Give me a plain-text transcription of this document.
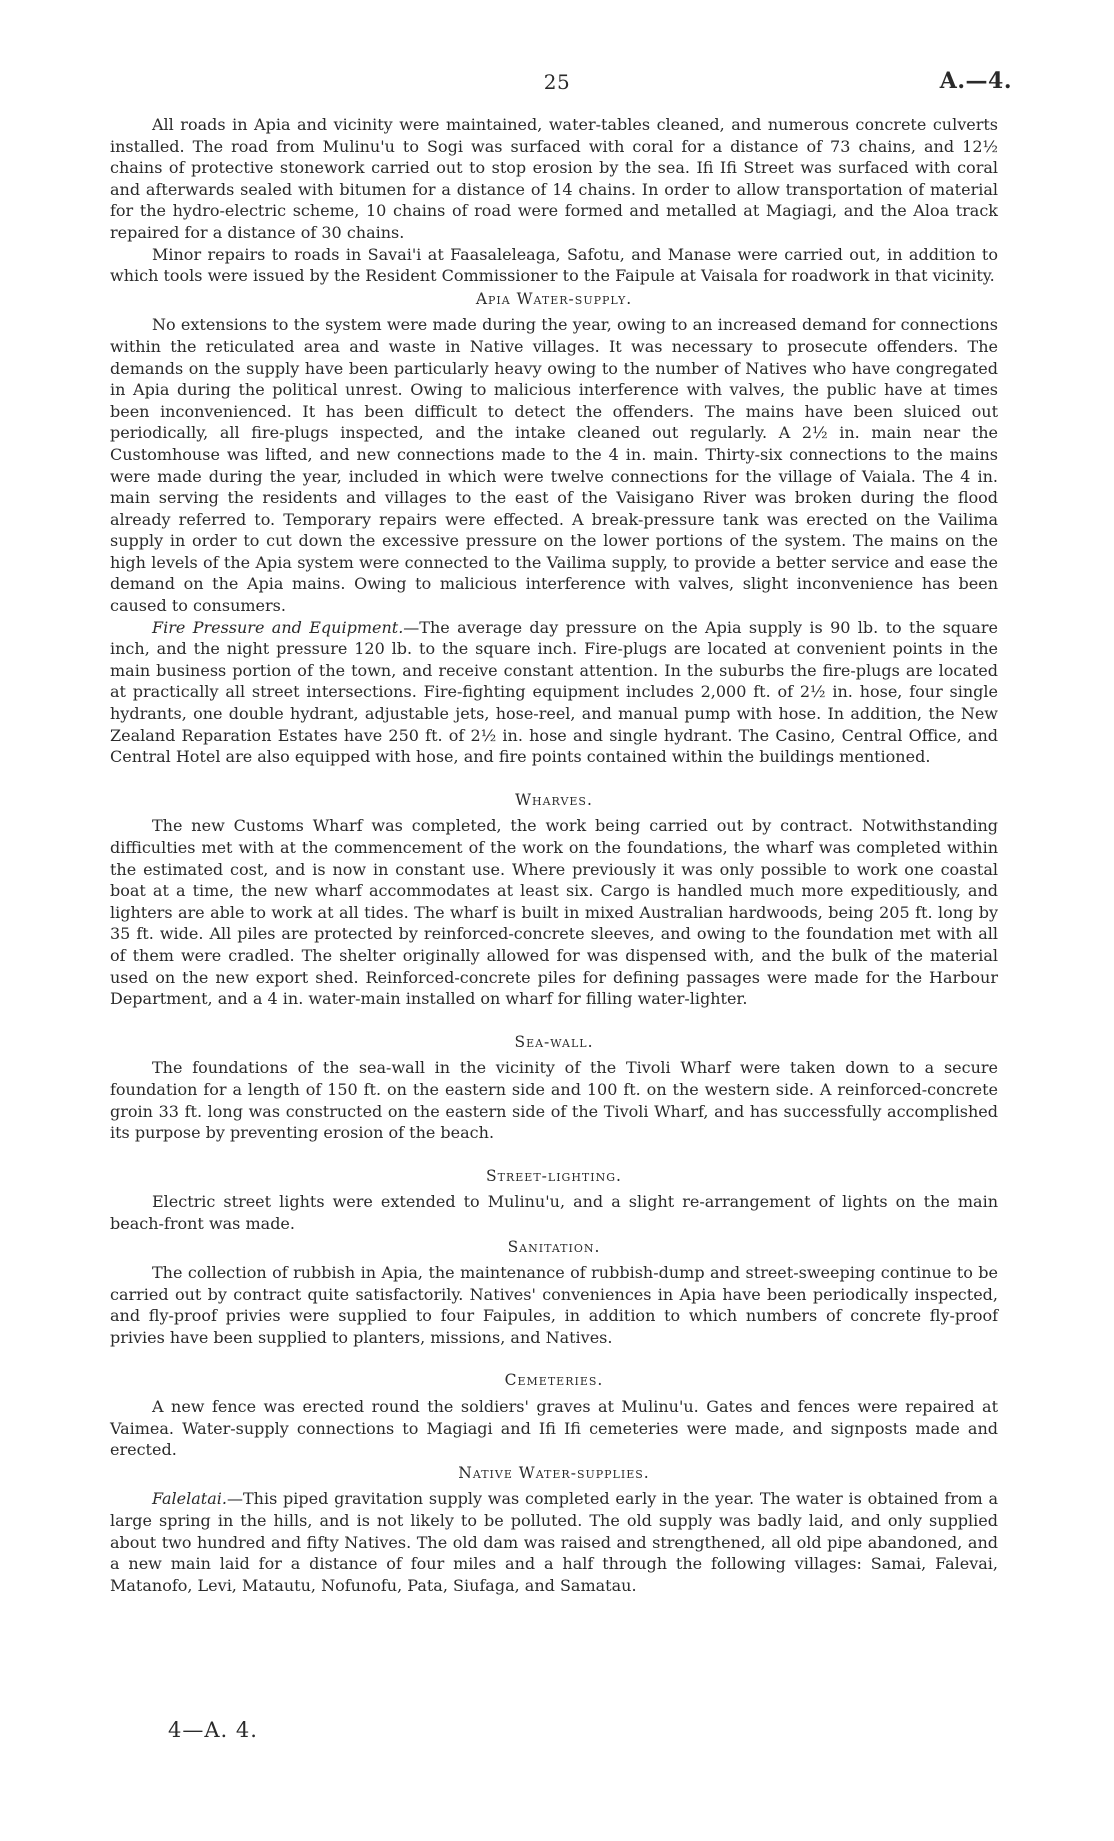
25	A.—4.

All roads in Apia and vicinity were maintained, water-tables cleaned, and numerous concrete culverts installed. The road from Mulinu'u to Sogi was surfaced with coral for a distance of 73 chains, and 12½ chains of protective stonework carried out to stop erosion by the sea. Ifi Ifi Street was surfaced with coral and afterwards sealed with bitumen for a distance of 14 chains. In order to allow transportation of material for the hydro-electric scheme, 10 chains of road were formed and metalled at Magiagi, and the Aloa track repaired for a distance of 30 chains.

Minor repairs to roads in Savai'i at Faasaleleaga, Safotu, and Manase were carried out, in addition to which tools were issued by the Resident Commissioner to the Faipule at Vaisala for roadwork in that vicinity.

Apia Water-supply.

No extensions to the system were made during the year, owing to an increased demand for connections within the reticulated area and waste in Native villages. It was necessary to prosecute offenders. The demands on the supply have been particularly heavy owing to the number of Natives who have congregated in Apia during the political unrest. Owing to malicious interference with valves, the public have at times been inconvenienced. It has been difficult to detect the offenders. The mains have been sluiced out periodically, all fire-plugs inspected, and the intake cleaned out regularly. A 2½ in. main near the Customhouse was lifted, and new connections made to the 4 in. main. Thirty-six connections to the mains were made during the year, included in which were twelve connections for the village of Vaiala. The 4 in. main serving the residents and villages to the east of the Vaisigano River was broken during the flood already referred to. Temporary repairs were effected. A break-pressure tank was erected on the Vailima supply in order to cut down the excessive pressure on the lower portions of the system. The mains on the high levels of the Apia system were connected to the Vailima supply, to provide a better service and ease the demand on the Apia mains. Owing to malicious interference with valves, slight inconvenience has been caused to consumers.

Fire Pressure and Equipment.—The average day pressure on the Apia supply is 90 lb. to the square inch, and the night pressure 120 lb. to the square inch. Fire-plugs are located at convenient points in the main business portion of the town, and receive constant attention. In the suburbs the fire-plugs are located at practically all street intersections. Fire-fighting equipment includes 2,000 ft. of 2½ in. hose, four single hydrants, one double hydrant, adjustable jets, hose-reel, and manual pump with hose. In addition, the New Zealand Reparation Estates have 250 ft. of 2½ in. hose and single hydrant. The Casino, Central Office, and Central Hotel are also equipped with hose, and fire points contained within the buildings mentioned.

Wharves.

The new Customs Wharf was completed, the work being carried out by contract. Notwithstanding difficulties met with at the commencement of the work on the foundations, the wharf was completed within the estimated cost, and is now in constant use. Where previously it was only possible to work one coastal boat at a time, the new wharf accommodates at least six. Cargo is handled much more expeditiously, and lighters are able to work at all tides. The wharf is built in mixed Australian hardwoods, being 205 ft. long by 35 ft. wide. All piles are protected by reinforced-concrete sleeves, and owing to the foundation met with all of them were cradled. The shelter originally allowed for was dispensed with, and the bulk of the material used on the new export shed. Reinforced-concrete piles for defining passages were made for the Harbour Department, and a 4 in. water-main installed on wharf for filling water-lighter.

Sea-wall.

The foundations of the sea-wall in the vicinity of the Tivoli Wharf were taken down to a secure foundation for a length of 150 ft. on the eastern side and 100 ft. on the western side. A reinforced-concrete groin 33 ft. long was constructed on the eastern side of the Tivoli Wharf, and has successfully accomplished its purpose by preventing erosion of the beach.

Street-lighting.

Electric street lights were extended to Mulinu'u, and a slight re-arrangement of lights on the main beach-front was made.

Sanitation.

The collection of rubbish in Apia, the maintenance of rubbish-dump and street-sweeping continue to be carried out by contract quite satisfactorily. Natives' conveniences in Apia have been periodically inspected, and fly-proof privies were supplied to four Faipules, in addition to which numbers of concrete fly-proof privies have been supplied to planters, missions, and Natives.

Cemeteries.

A new fence was erected round the soldiers' graves at Mulinu'u. Gates and fences were repaired at Vaimea. Water-supply connections to Magiagi and Ifi Ifi cemeteries were made, and signposts made and erected.

Native Water-supplies.

Falelatai.—This piped gravitation supply was completed early in the year. The water is obtained from a large spring in the hills, and is not likely to be polluted. The old supply was badly laid, and only supplied about two hundred and fifty Natives. The old dam was raised and strengthened, all old pipe abandoned, and a new main laid for a distance of four miles and a half through the following villages: Samai, Falevai, Matanofo, Levi, Matautu, Nofunofu, Pata, Siufaga, and Samatau.

4—A. 4.
